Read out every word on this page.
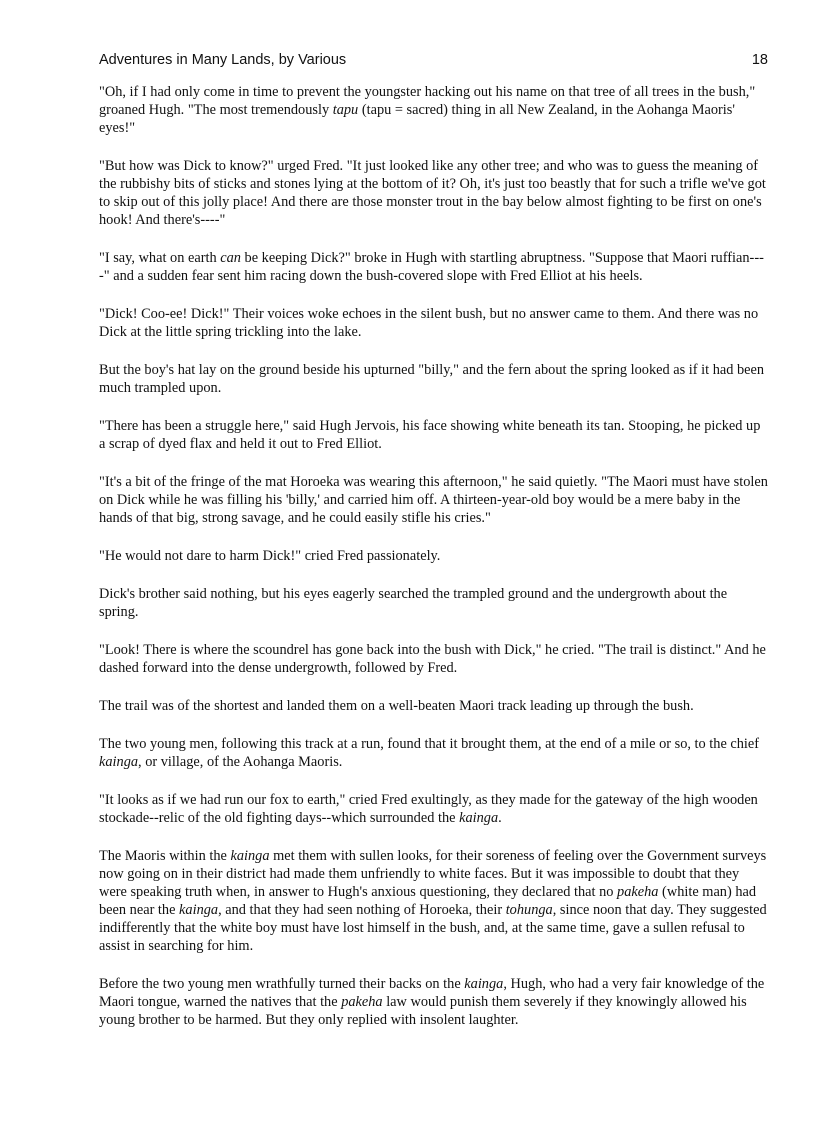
Adventures in Many Lands, by Various	18

"Oh, if I had only come in time to prevent the youngster hacking out his name on that tree of all trees in the bush," groaned Hugh. "The most tremendously tapu (tapu = sacred) thing in all New Zealand, in the Aohanga Maoris' eyes!"

"But how was Dick to know?" urged Fred. "It just looked like any other tree; and who was to guess the meaning of the rubbishy bits of sticks and stones lying at the bottom of it? Oh, it's just too beastly that for such a trifle we've got to skip out of this jolly place! And there are those monster trout in the bay below almost fighting to be first on one's hook! And there's----"

"I say, what on earth can be keeping Dick?" broke in Hugh with startling abruptness. "Suppose that Maori ruffian----" and a sudden fear sent him racing down the bush-covered slope with Fred Elliot at his heels.

"Dick! Coo-ee! Dick!" Their voices woke echoes in the silent bush, but no answer came to them. And there was no Dick at the little spring trickling into the lake.

But the boy's hat lay on the ground beside his upturned "billy," and the fern about the spring looked as if it had been much trampled upon.

"There has been a struggle here," said Hugh Jervois, his face showing white beneath its tan. Stooping, he picked up a scrap of dyed flax and held it out to Fred Elliot.

"It's a bit of the fringe of the mat Horoeka was wearing this afternoon," he said quietly. "The Maori must have stolen on Dick while he was filling his 'billy,' and carried him off. A thirteen-year-old boy would be a mere baby in the hands of that big, strong savage, and he could easily stifle his cries."

"He would not dare to harm Dick!" cried Fred passionately.

Dick's brother said nothing, but his eyes eagerly searched the trampled ground and the undergrowth about the spring.

"Look! There is where the scoundrel has gone back into the bush with Dick," he cried. "The trail is distinct." And he dashed forward into the dense undergrowth, followed by Fred.

The trail was of the shortest and landed them on a well-beaten Maori track leading up through the bush.

The two young men, following this track at a run, found that it brought them, at the end of a mile or so, to the chief kainga, or village, of the Aohanga Maoris.

"It looks as if we had run our fox to earth," cried Fred exultingly, as they made for the gateway of the high wooden stockade--relic of the old fighting days--which surrounded the kainga.

The Maoris within the kainga met them with sullen looks, for their soreness of feeling over the Government surveys now going on in their district had made them unfriendly to white faces. But it was impossible to doubt that they were speaking truth when, in answer to Hugh's anxious questioning, they declared that no pakeha (white man) had been near the kainga, and that they had seen nothing of Horoeka, their tohunga, since noon that day. They suggested indifferently that the white boy must have lost himself in the bush, and, at the same time, gave a sullen refusal to assist in searching for him.

Before the two young men wrathfully turned their backs on the kainga, Hugh, who had a very fair knowledge of the Maori tongue, warned the natives that the pakeha law would punish them severely if they knowingly allowed his young brother to be harmed. But they only replied with insolent laughter.
